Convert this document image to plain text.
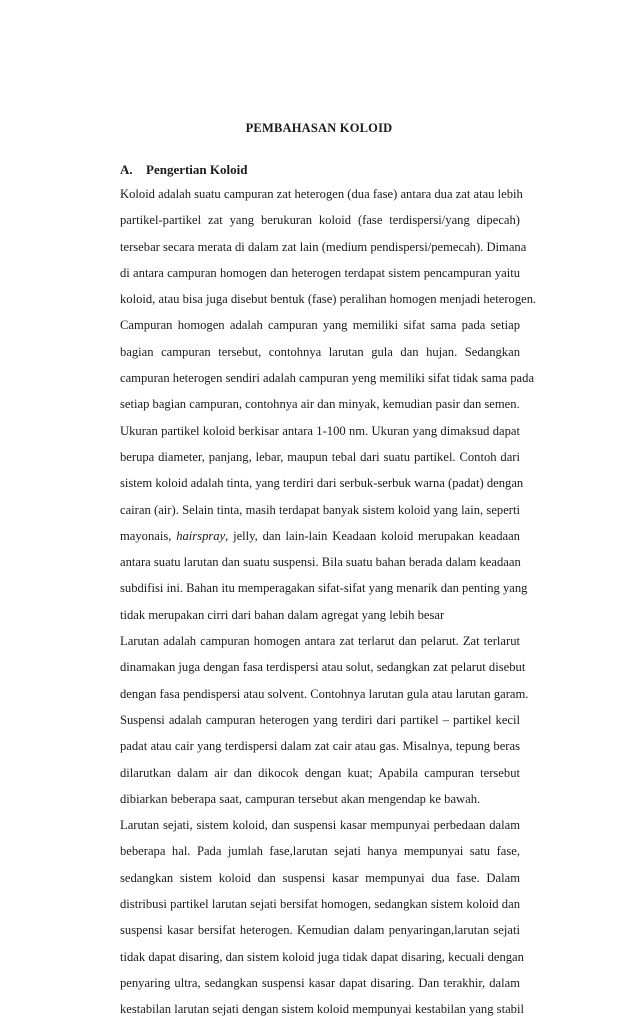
PEMBAHASAN KOLOID
A. Pengertian Koloid
Koloid adalah suatu campuran zat heterogen (dua fase) antara dua zat atau lebih
partikel-partikel zat yang berukuran koloid (fase terdispersi/yang dipecah)
tersebar secara merata di dalam zat lain (medium pendispersi/pemecah). Dimana
di antara campuran homogen dan heterogen terdapat sistem pencampuran yaitu
koloid, atau bisa juga disebut bentuk (fase) peralihan homogen menjadi heterogen.
Campuran homogen adalah campuran yang memiliki sifat sama pada setiap
bagian campuran tersebut, contohnya larutan gula dan hujan. Sedangkan
campuran heterogen sendiri adalah campuran yeng memiliki sifat tidak sama pada
setiap bagian campuran, contohnya air dan minyak, kemudian pasir dan semen.
Ukuran partikel koloid berkisar antara 1-100 nm. Ukuran yang dimaksud dapat
berupa diameter, panjang, lebar, maupun tebal dari suatu partikel. Contoh dari
sistem koloid adalah tinta, yang terdiri dari serbuk-serbuk warna (padat) dengan
cairan (air). Selain tinta, masih terdapat banyak sistem koloid yang lain, seperti
mayonais, hairspray, jelly, dan lain-lain Keadaan koloid merupakan keadaan
antara suatu larutan dan suatu suspensi. Bila suatu bahan berada dalam keadaan
subdifisi ini. Bahan itu memperagakan sifat-sifat yang menarik dan penting yang
tidak merupakan cirri dari bahan dalam agregat yang lebih besar
Larutan adalah campuran homogen antara zat terlarut dan pelarut. Zat terlarut
dinamakan juga dengan fasa terdispersi atau solut, sedangkan zat pelarut disebut
dengan fasa pendispersi atau solvent. Contohnya larutan gula atau larutan garam.
Suspensi adalah campuran heterogen yang terdiri dari partikel – partikel kecil
padat atau cair yang terdispersi dalam zat cair atau gas. Misalnya, tepung beras
dilarutkan dalam air dan dikocok dengan kuat; Apabila campuran tersebut
dibiarkan beberapa saat, campuran tersebut akan mengendap ke bawah.
Larutan sejati, sistem koloid, dan suspensi kasar mempunyai perbedaan dalam
beberapa hal. Pada jumlah fase,larutan sejati hanya mempunyai satu fase,
sedangkan sistem koloid dan suspensi kasar mempunyai dua fase. Dalam
distribusi partikel larutan sejati bersifat homogen, sedangkan sistem koloid dan
suspensi kasar bersifat heterogen. Kemudian dalam penyaringan,larutan sejati
tidak dapat disaring, dan sistem koloid juga tidak dapat disaring, kecuali dengan
penyaring ultra, sedangkan suspensi kasar dapat disaring. Dan terakhir, dalam
kestabilan larutan sejati dengan sistem koloid mempunyai kestabilan yang stabil
